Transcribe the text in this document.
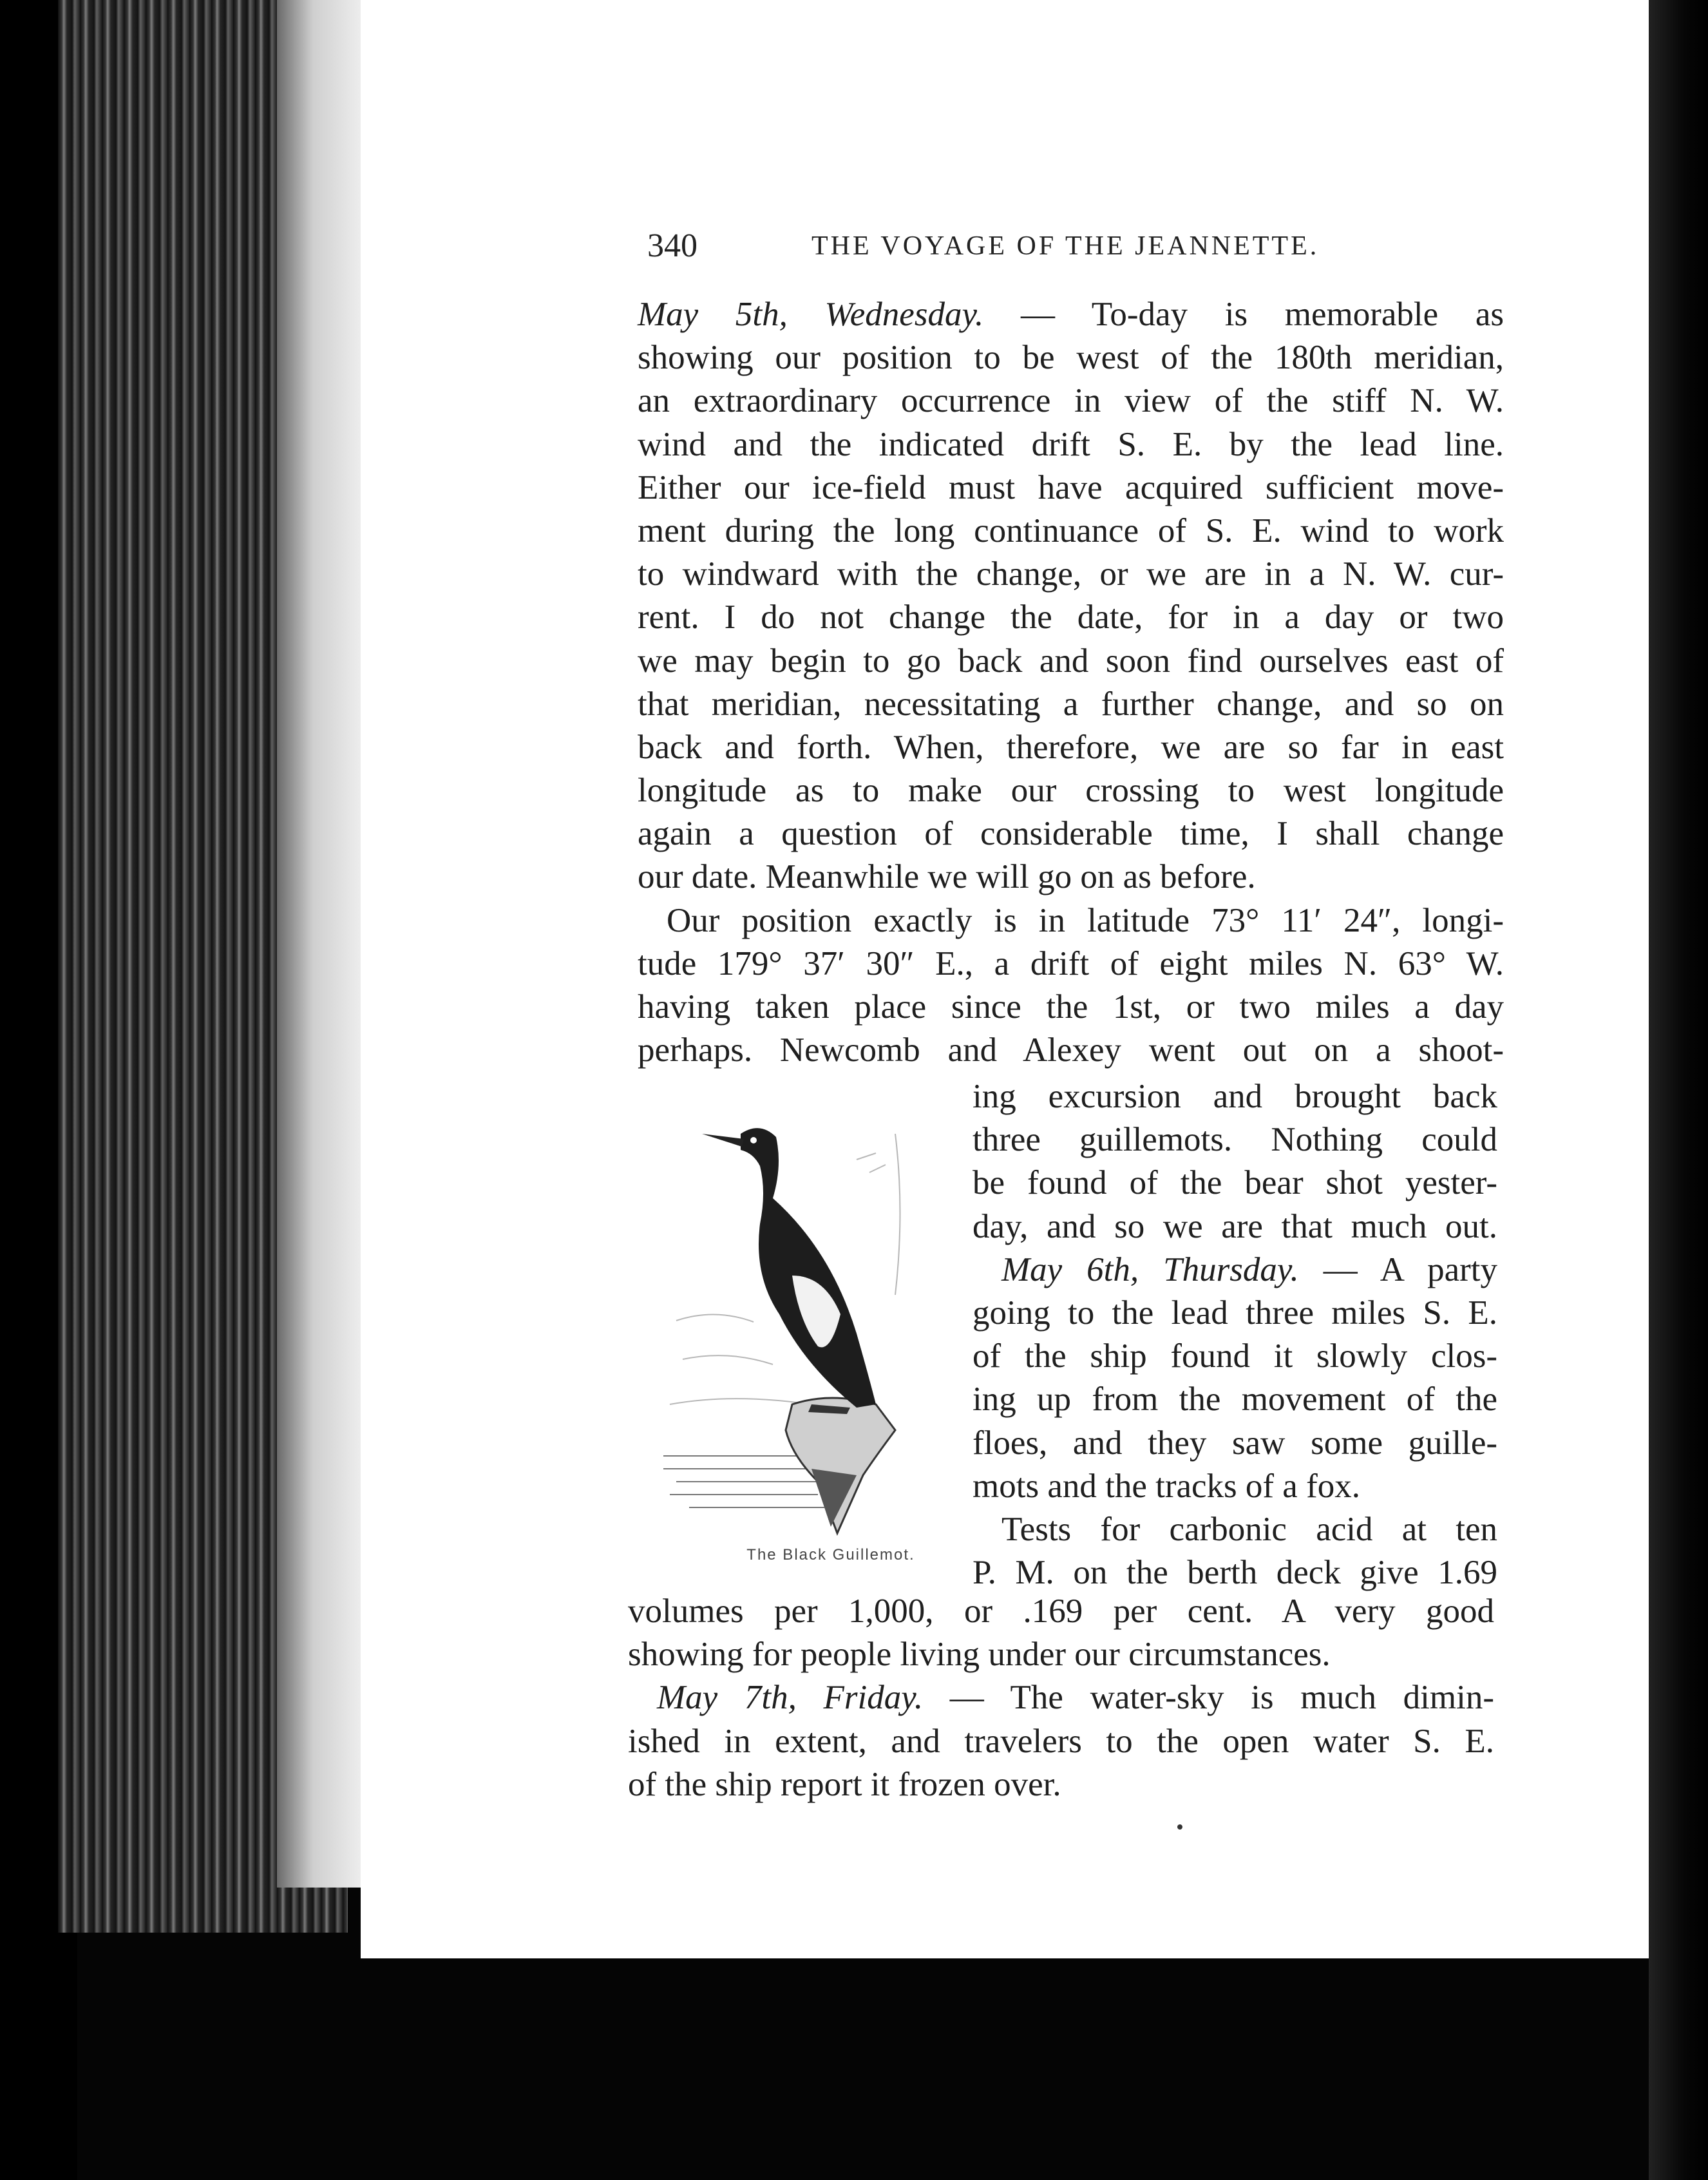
340	THE VOYAGE OF THE JEANNETTE.
May 5th, Wednesday. — To-day is memorable as
showing our position to be west of the 180th meridian,
an extraordinary occurrence in view of the stiff N. W.
wind and the indicated drift S. E. by the lead line.
Either our ice-field must have acquired sufficient move-
ment during the long continuance of S. E. wind to work
to windward with the change, or we are in a N. W. cur-
rent. I do not change the date, for in a day or two
we may begin to go back and soon find ourselves east of
that meridian, necessitating a further change, and so on
back and forth. When, therefore, we are so far in east
longitude as to make our crossing to west longitude
again a question of considerable time, I shall change
our date. Meanwhile we will go on as before.
Our position exactly is in latitude 73° 11′ 24″, longi-
tude 179° 37′ 30″ E., a drift of eight miles N. 63° W.
having taken place since the 1st, or two miles a day
perhaps. Newcomb and Alexey went out on a shoot-
ing excursion and brought back
three guillemots. Nothing could
be found of the bear shot yester-
day, and so we are that much out.
May 6th, Thursday. — A party
going to the lead three miles S. E.
of the ship found it slowly clos-
ing up from the movement of the
floes, and they saw some guille-
mots and the tracks of a fox.
Tests for carbonic acid at ten
P. M. on the berth deck give 1.69
volumes per 1,000, or .169 per cent. A very good
showing for people living under our circumstances.
May 7th, Friday. — The water-sky is much dimin-
ished in extent, and travelers to the open water S. E.
of the ship report it frozen over.
The Black Guillemot.
